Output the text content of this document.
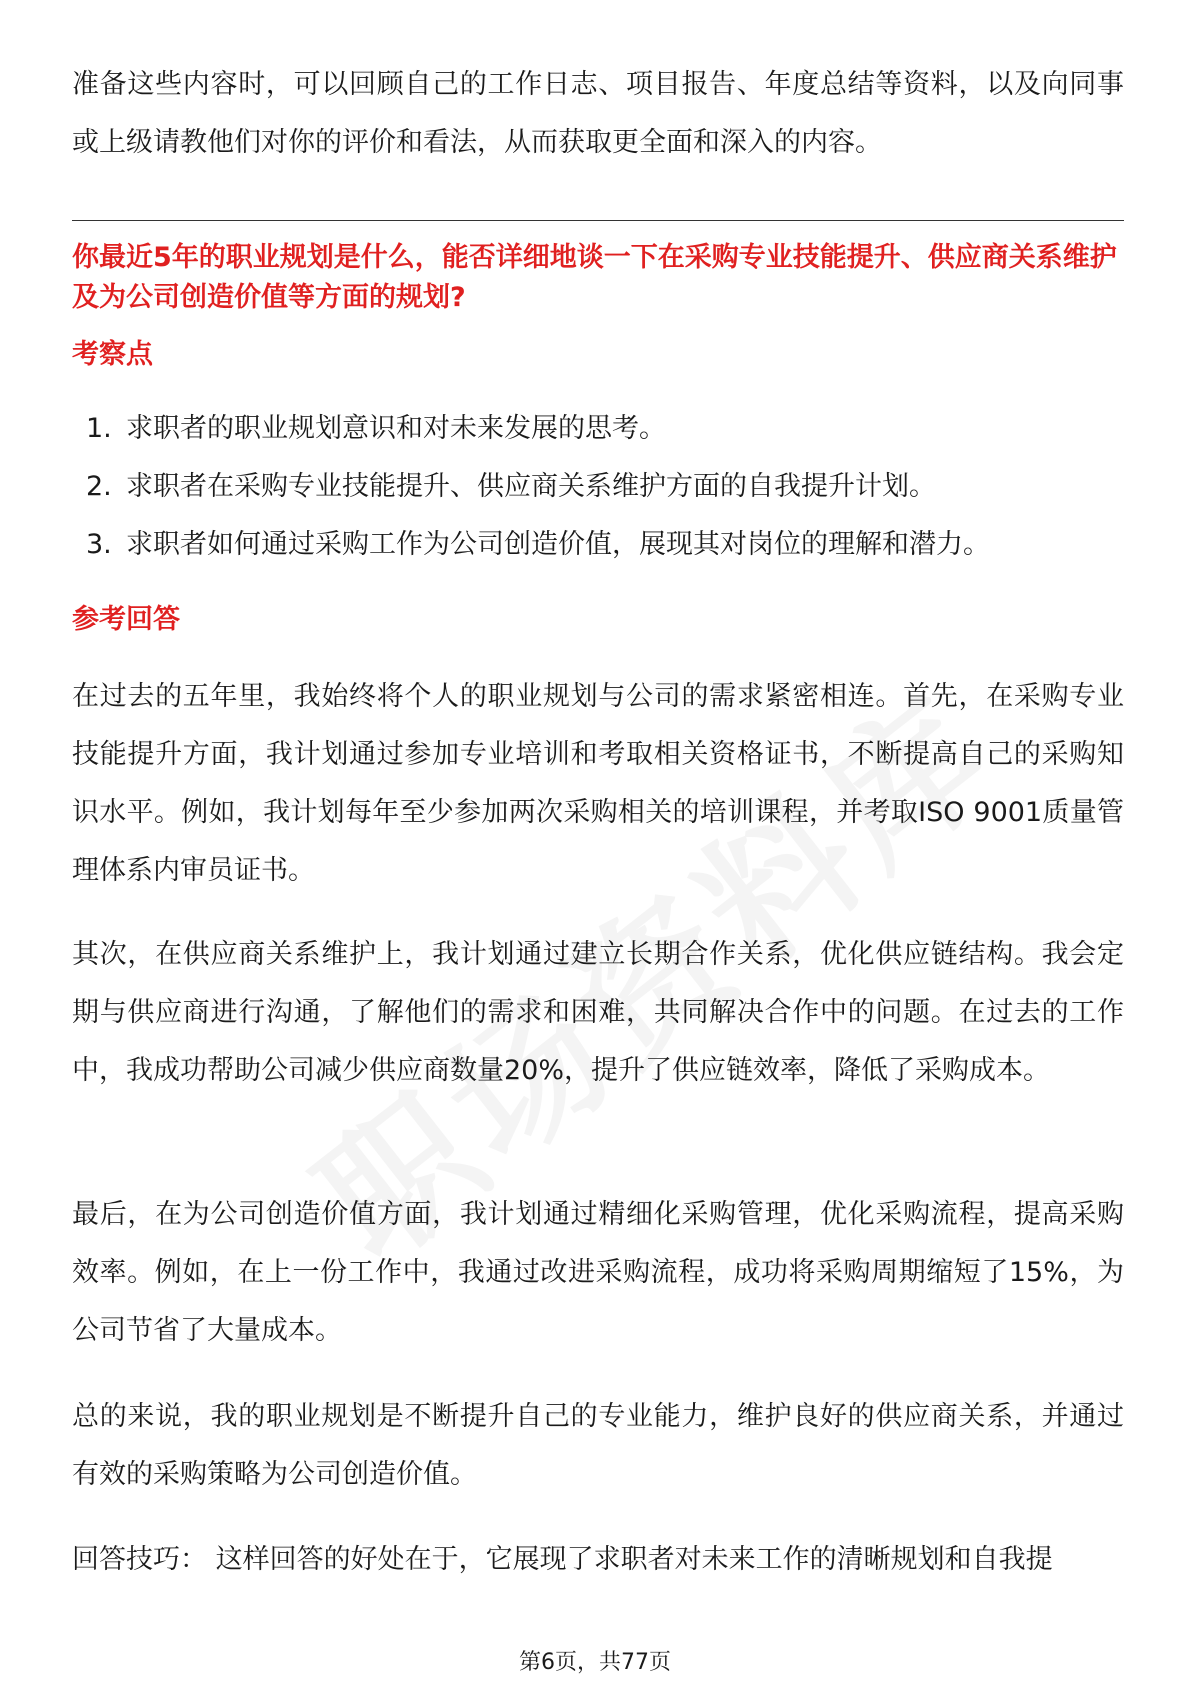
准备这些内容时，可以回顾自己的工作日志、项目报告、年度总结等资料，以及向同事或上级请教他们对你的评价和看法，从而获取更全面和深入的内容。

你最近5年的职业规划是什么，能否详细地谈一下在采购专业技能提升、供应商关系维护及为公司创造价值等方面的规划?

考察点

1. 求职者的职业规划意识和对未来发展的思考。
2. 求职者在采购专业技能提升、供应商关系维护方面的自我提升计划。
3. 求职者如何通过采购工作为公司创造价值，展现其对岗位的理解和潜力。

参考回答

在过去的五年里，我始终将个人的职业规划与公司的需求紧密相连。首先，在采购专业技能提升方面，我计划通过参加专业培训和考取相关资格证书，不断提高自己的采购知识水平。例如，我计划每年至少参加两次采购相关的培训课程，并考取ISO 9001质量管理体系内审员证书。

其次，在供应商关系维护上，我计划通过建立长期合作关系，优化供应链结构。我会定期与供应商进行沟通，了解他们的需求和困难，共同解决合作中的问题。在过去的工作中，我成功帮助公司减少供应商数量20%，提升了供应链效率，降低了采购成本。

最后，在为公司创造价值方面，我计划通过精细化采购管理，优化采购流程，提高采购效率。例如，在上一份工作中，我通过改进采购流程，成功将采购周期缩短了15%，为公司节省了大量成本。

总的来说，我的职业规划是不断提升自己的专业能力，维护良好的供应商关系，并通过有效的采购策略为公司创造价值。

回答技巧： 这样回答的好处在于，它展现了求职者对未来工作的清晰规划和自我提

第6页，共77页
